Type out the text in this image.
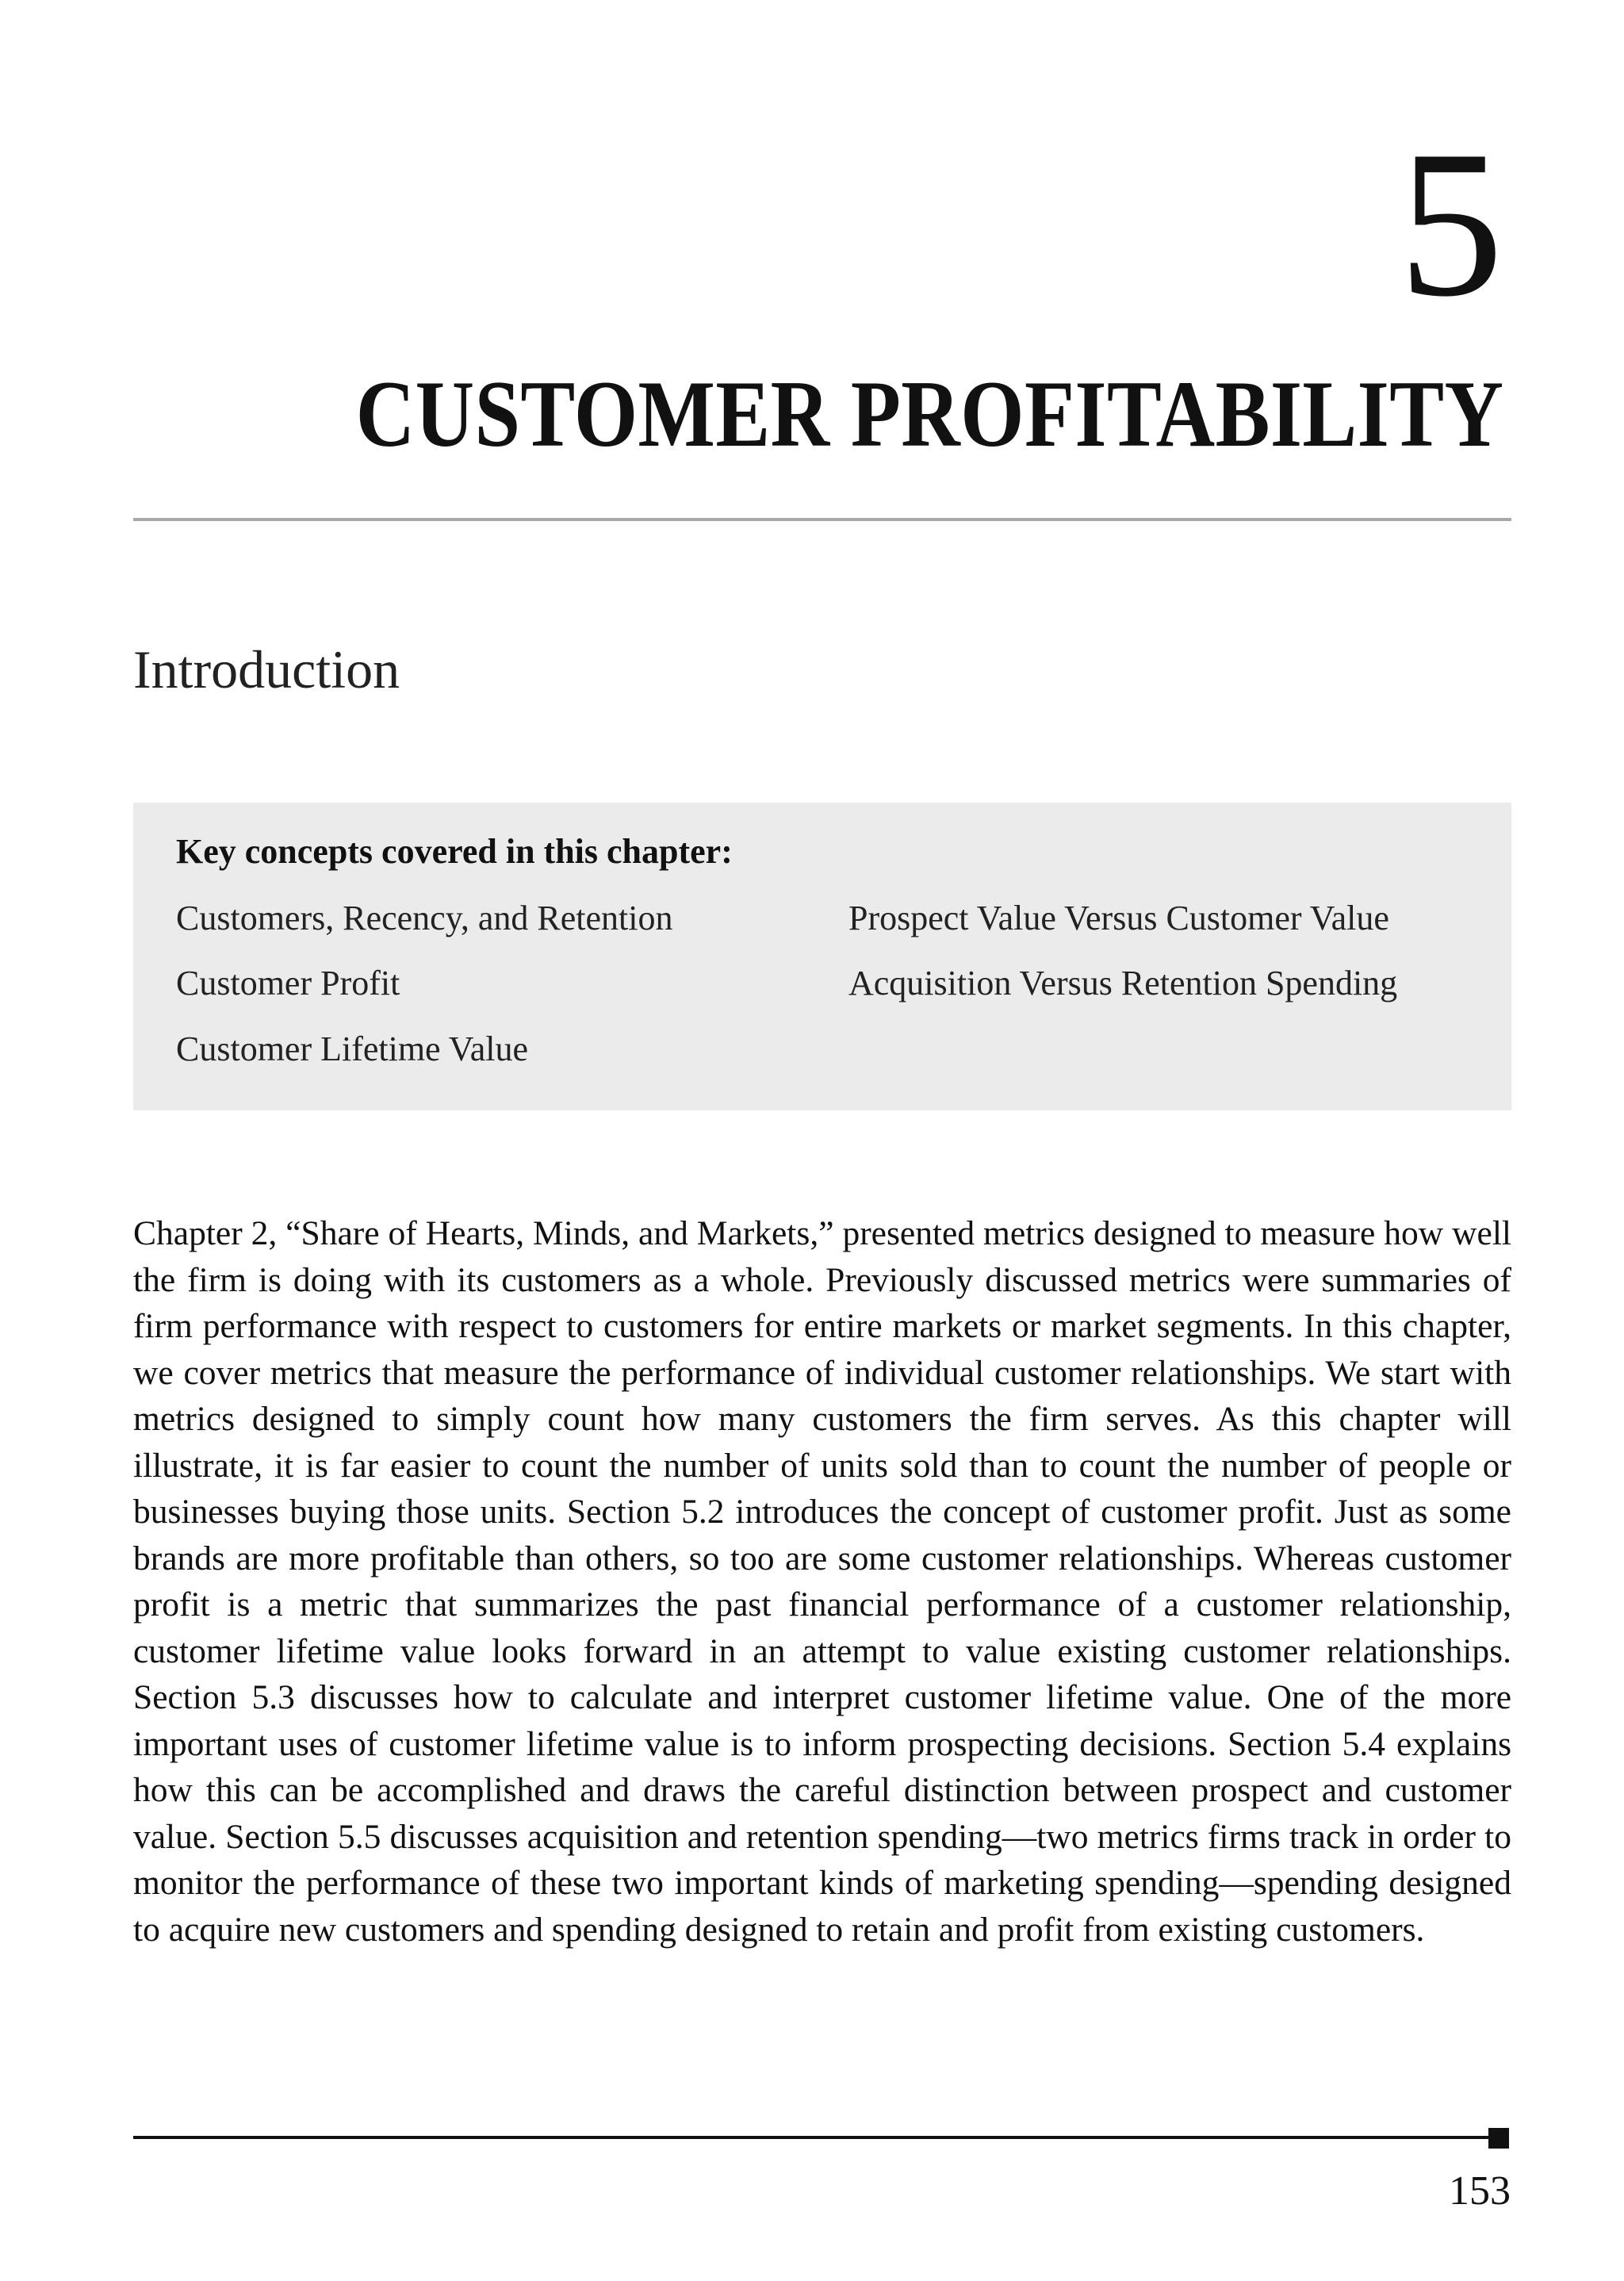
5
CUSTOMER PROFITABILITY
Introduction
Key concepts covered in this chapter:
Customers, Recency, and Retention
Customer Profit
Customer Lifetime Value
Prospect Value Versus Customer Value
Acquisition Versus Retention Spending
Chapter 2, “Share of Hearts, Minds, and Markets,” presented metrics designed to measure how well the firm is doing with its customers as a whole. Previously discussed metrics were summaries of firm performance with respect to customers for entire markets or market segments. In this chapter, we cover metrics that measure the performance of individual customer relationships. We start with metrics designed to simply count how many customers the firm serves. As this chapter will illustrate, it is far easier to count the number of units sold than to count the number of people or businesses buying those units. Section 5.2 introduces the concept of customer profit. Just as some brands are more profitable than others, so too are some customer relationships. Whereas customer profit is a metric that summarizes the past financial performance of a customer relationship, customer lifetime value looks forward in an attempt to value existing customer relationships. Section 5.3 discusses how to calculate and interpret customer lifetime value. One of the more important uses of customer lifetime value is to inform prospecting decisions. Section 5.4 explains how this can be accomplished and draws the careful distinction between prospect and customer value. Section 5.5 discusses acquisition and retention spending—two metrics firms track in order to monitor the performance of these two important kinds of marketing spending—spending designed to acquire new customers and spending designed to retain and profit from existing customers.
153
